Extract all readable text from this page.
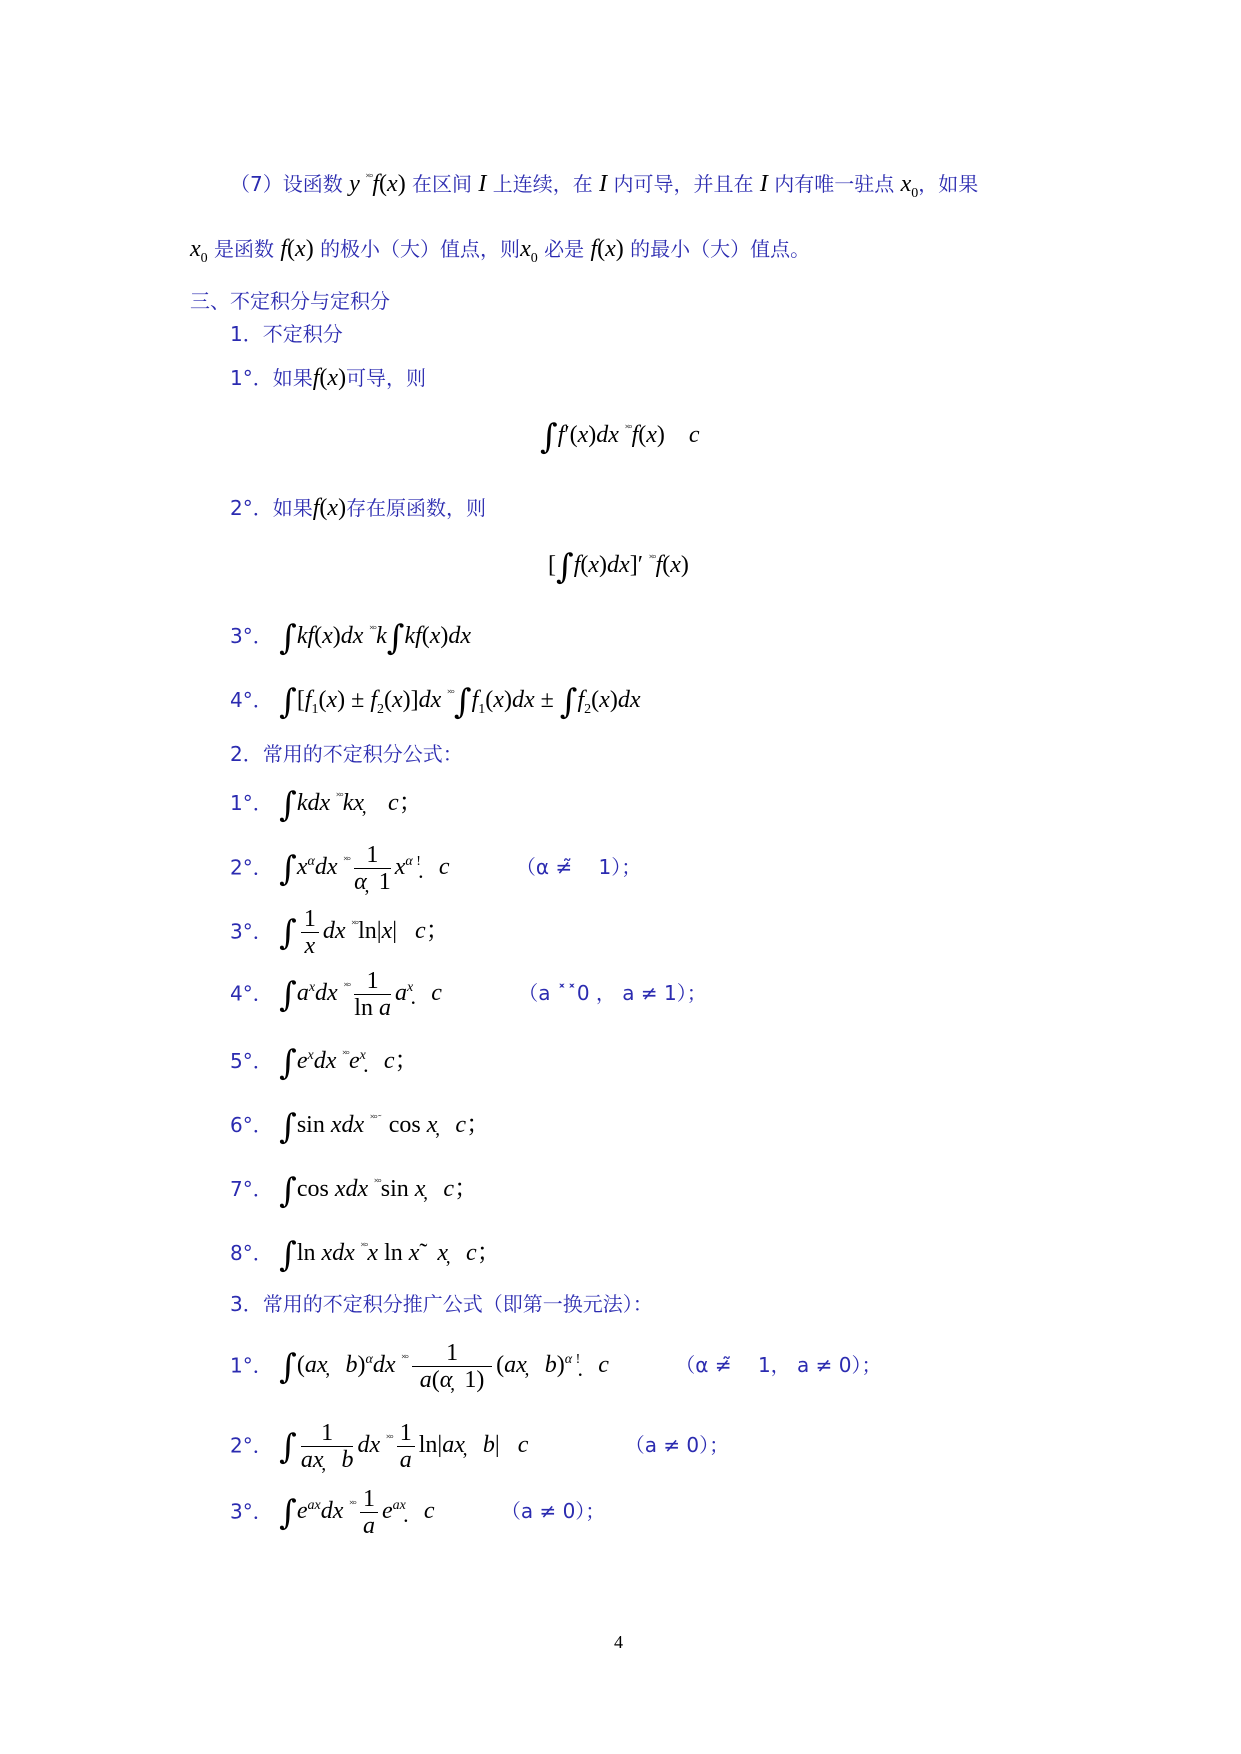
（7）设函数 y ˟°f(x) 在区间 I 上连续，在 I 内可导，并且在 I 内有唯一驻点 $x_0$，如果
$x_0$ 是函数 f(x) 的极小（大）值点，则$x_0$ 必是 f(x) 的最小（大）值点。
三、不定积分与定积分
1．不定积分
1°．如果f(x)可导，则
∫f′(x)dx ˟°f(x)    c
2°．如果f(x)存在原函数，则
[∫f(x)dx]′ ˟°f(x)
3°． ∫kf(x)dx ˟°k∫kf(x)dx
4°． $\int[f_1(x) \pm f_2(x)]dx$ $^{˟^\circ}\int f_1(x)dx \pm \int f_2(x)dx$
2．常用的不定积分公式：
1°． ∫kdx ˟°kx̦    c；
2°． $\int x^\alpha dx$ $^{˟^\circ} \frac{1}{\alpha̦ 1}$ $x^{\alpha !}̣$   c	（α ≠̃ 　1）；
3°． ∫ $\frac{1}{x}$ dx ˟°ln|x|   c；
4°． $\int a^xdx$ $^{˟^\circ} \frac{1}{\text{ln a}}$ $a^x̣$   c	（a ˟˟0 ， a ≠ 1）；
5°． $\int e^xdx$ $^{˟^\circ}e^x̣$   c；
6°． ∫sin xdx ˟°̃  cos x̦   c；
7°． ∫cos xdx ˟°sin x̦   c；
8°． ∫ln xdx ˟°x ln x̃   x̦   c；
3．常用的不定积分推广公式（即第一换元法）：
1°． ∫(ax̦   b)$^\alpha$dx $^{˟^\circ} \frac{1}{a(\alpha̦ 1)}$ (ax̦   b)$^{\alpha !}$̣   c	（α ≠̃ 　1， a ≠ 0）；
2°． ∫ $\frac{1}{ax̦ b}$ dx $^{˟^\circ} \frac{1}{a}$ ln|ax̦   b|   c	（a ≠ 0）；
3°． $\int e^{ax}dx$ $^{˟^\circ} \frac{1}{a}$ $e^{ax}̣$   c	（a ≠ 0）；
4
